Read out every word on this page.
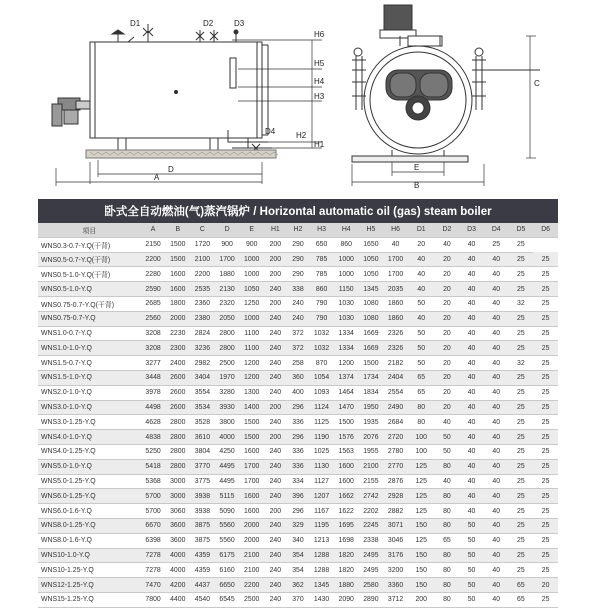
D1	D2	D3
D4
H6
H5
H4
H3
H2
H1
D
A
C
E
B
卧式全自动燃油(气)蒸汽锅炉 / Horizontal automatic oil (gas) steam boiler
项目	A	B	C	D	E	H1	H2	H3	H4	H5	H6	D1	D2	D3	D4	D5	D6
WNS0.3-0.7-Y.Q(干背)	2150	1500	1720	900	900	200	290	650	860	1650	40	20	40	40	25	25	
WNS0.5-0.7-Y.Q(干背)	2200	1500	2100	1700	1000	200	290	785	1000	1050	1700	40	20	40	40	25	25
WNS0.5-1.0-Y.Q(干背)	2280	1600	2200	1880	1000	200	290	785	1000	1050	1700	40	20	40	40	25	25
WNS0.5-1.0-Y.Q	2590	1600	2535	2130	1050	240	338	860	1150	1345	2035	40	20	40	40	25	25
WNS0.75-0.7-Y.Q(干背)	2685	1800	2360	2320	1250	200	240	790	1030	1080	1860	50	20	40	40	32	25
WNS0.75-0.7-Y.Q	2560	2000	2380	2050	1000	240	240	790	1030	1080	1860	40	20	40	40	25	25
WNS1.0-0.7-Y.Q	3208	2230	2824	2800	1100	240	372	1032	1334	1669	2326	50	20	40	40	25	25
WNS1.0-1.0-Y.Q	3208	2300	3236	2800	1100	240	372	1032	1334	1669	2326	50	20	40	40	25	25
WNS1.5-0.7-Y.Q	3277	2400	2982	2500	1200	240	258	870	1200	1500	2182	50	20	40	40	32	25
WNS1.5-1.0-Y.Q	3448	2600	3404	1970	1200	240	360	1054	1374	1734	2404	65	20	40	40	25	25
WNS2.0-1.0-Y.Q	3978	2600	3554	3280	1300	240	400	1093	1464	1834	2554	65	20	40	40	25	25
WNS3.0-1.0-Y.Q	4498	2600	3534	3930	1400	200	296	1124	1470	1950	2490	80	20	40	40	25	25
WNS3.0-1.25-Y.Q	4628	2800	3528	3800	1500	240	336	1125	1500	1935	2684	80	40	40	40	25	25
WNS4.0-1.0-Y.Q	4838	2800	3610	4000	1500	200	296	1190	1576	2076	2720	100	50	40	40	25	25
WNS4.0-1.25-Y.Q	5250	2800	3804	4250	1600	240	336	1025	1563	1955	2780	100	50	40	40	25	25
WNS5.0-1.0-Y.Q	5418	2800	3770	4495	1700	240	336	1130	1600	2100	2770	125	80	40	40	25	25
WNS5.0-1.25-Y.Q	5368	3000	3775	4495	1700	240	334	1127	1600	2155	2876	125	40	40	40	25	25
WNS6.0-1.25-Y.Q	5700	3000	3938	5115	1600	240	396	1207	1662	2742	2928	125	80	40	40	25	25
WNS6.0-1.6-Y.Q	5700	3060	3938	5090	1600	200	296	1167	1622	2202	2882	125	80	40	40	25	25
WNS8.0-1.25-Y.Q	6670	3600	3875	5560	2000	240	329	1195	1695	2245	3071	150	80	50	40	25	25
WNS8.0-1.6-Y.Q	6398	3600	3875	5560	2000	240	340	1213	1698	2338	3046	125	65	50	40	25	25
WNS10-1.0-Y.Q	7278	4000	4359	6175	2100	240	354	1288	1820	2495	3176	150	80	50	40	25	25
WNS10-1.25-Y.Q	7278	4000	4359	6160	2100	240	354	1288	1820	2495	3200	150	80	50	40	25	25
WNS12-1.25-Y.Q	7470	4200	4437	6650	2200	240	362	1345	1880	2580	3360	150	80	50	40	65	20
WNS15-1.25-Y.Q	7800	4400	4540	6545	2500	240	370	1430	2090	2890	3712	200	80	50	40	65	25
